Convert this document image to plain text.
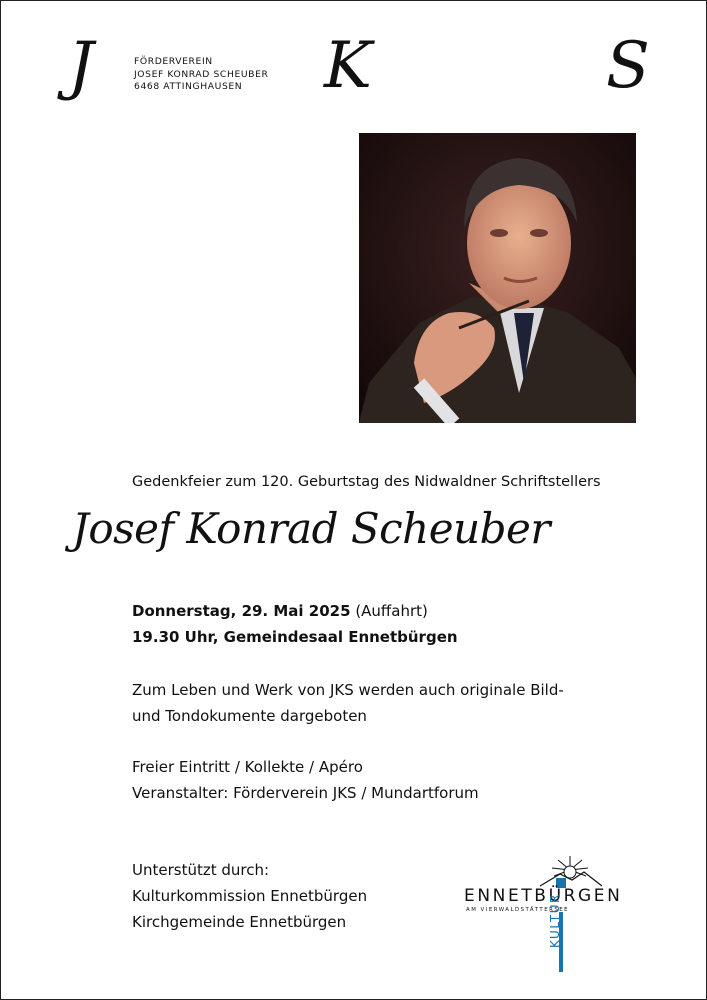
J	K	S
FÖRDERVEREIN
JOSEF KONRAD SCHEUBER
6468 ATTINGHAUSEN
Gedenkfeier zum 120. Geburtstag des Nidwaldner Schriftstellers
Josef Konrad Scheuber
Donnerstag, 29. Mai 2025 (Auffahrt)
19.30 Uhr, Gemeindesaal Ennetbürgen
Zum Leben und Werk von JKS werden auch originale Bild-
und Tondokumente dargeboten
Freier Eintritt / Kollekte / Apéro
Veranstalter: Förderverein JKS / Mundartforum
Unterstützt durch:
Kulturkommission Ennetbürgen
Kirchgemeinde Ennetbürgen
ENNETBÜRGEN
AM VIERWALDSTÄTTERSEE
KULTUR
